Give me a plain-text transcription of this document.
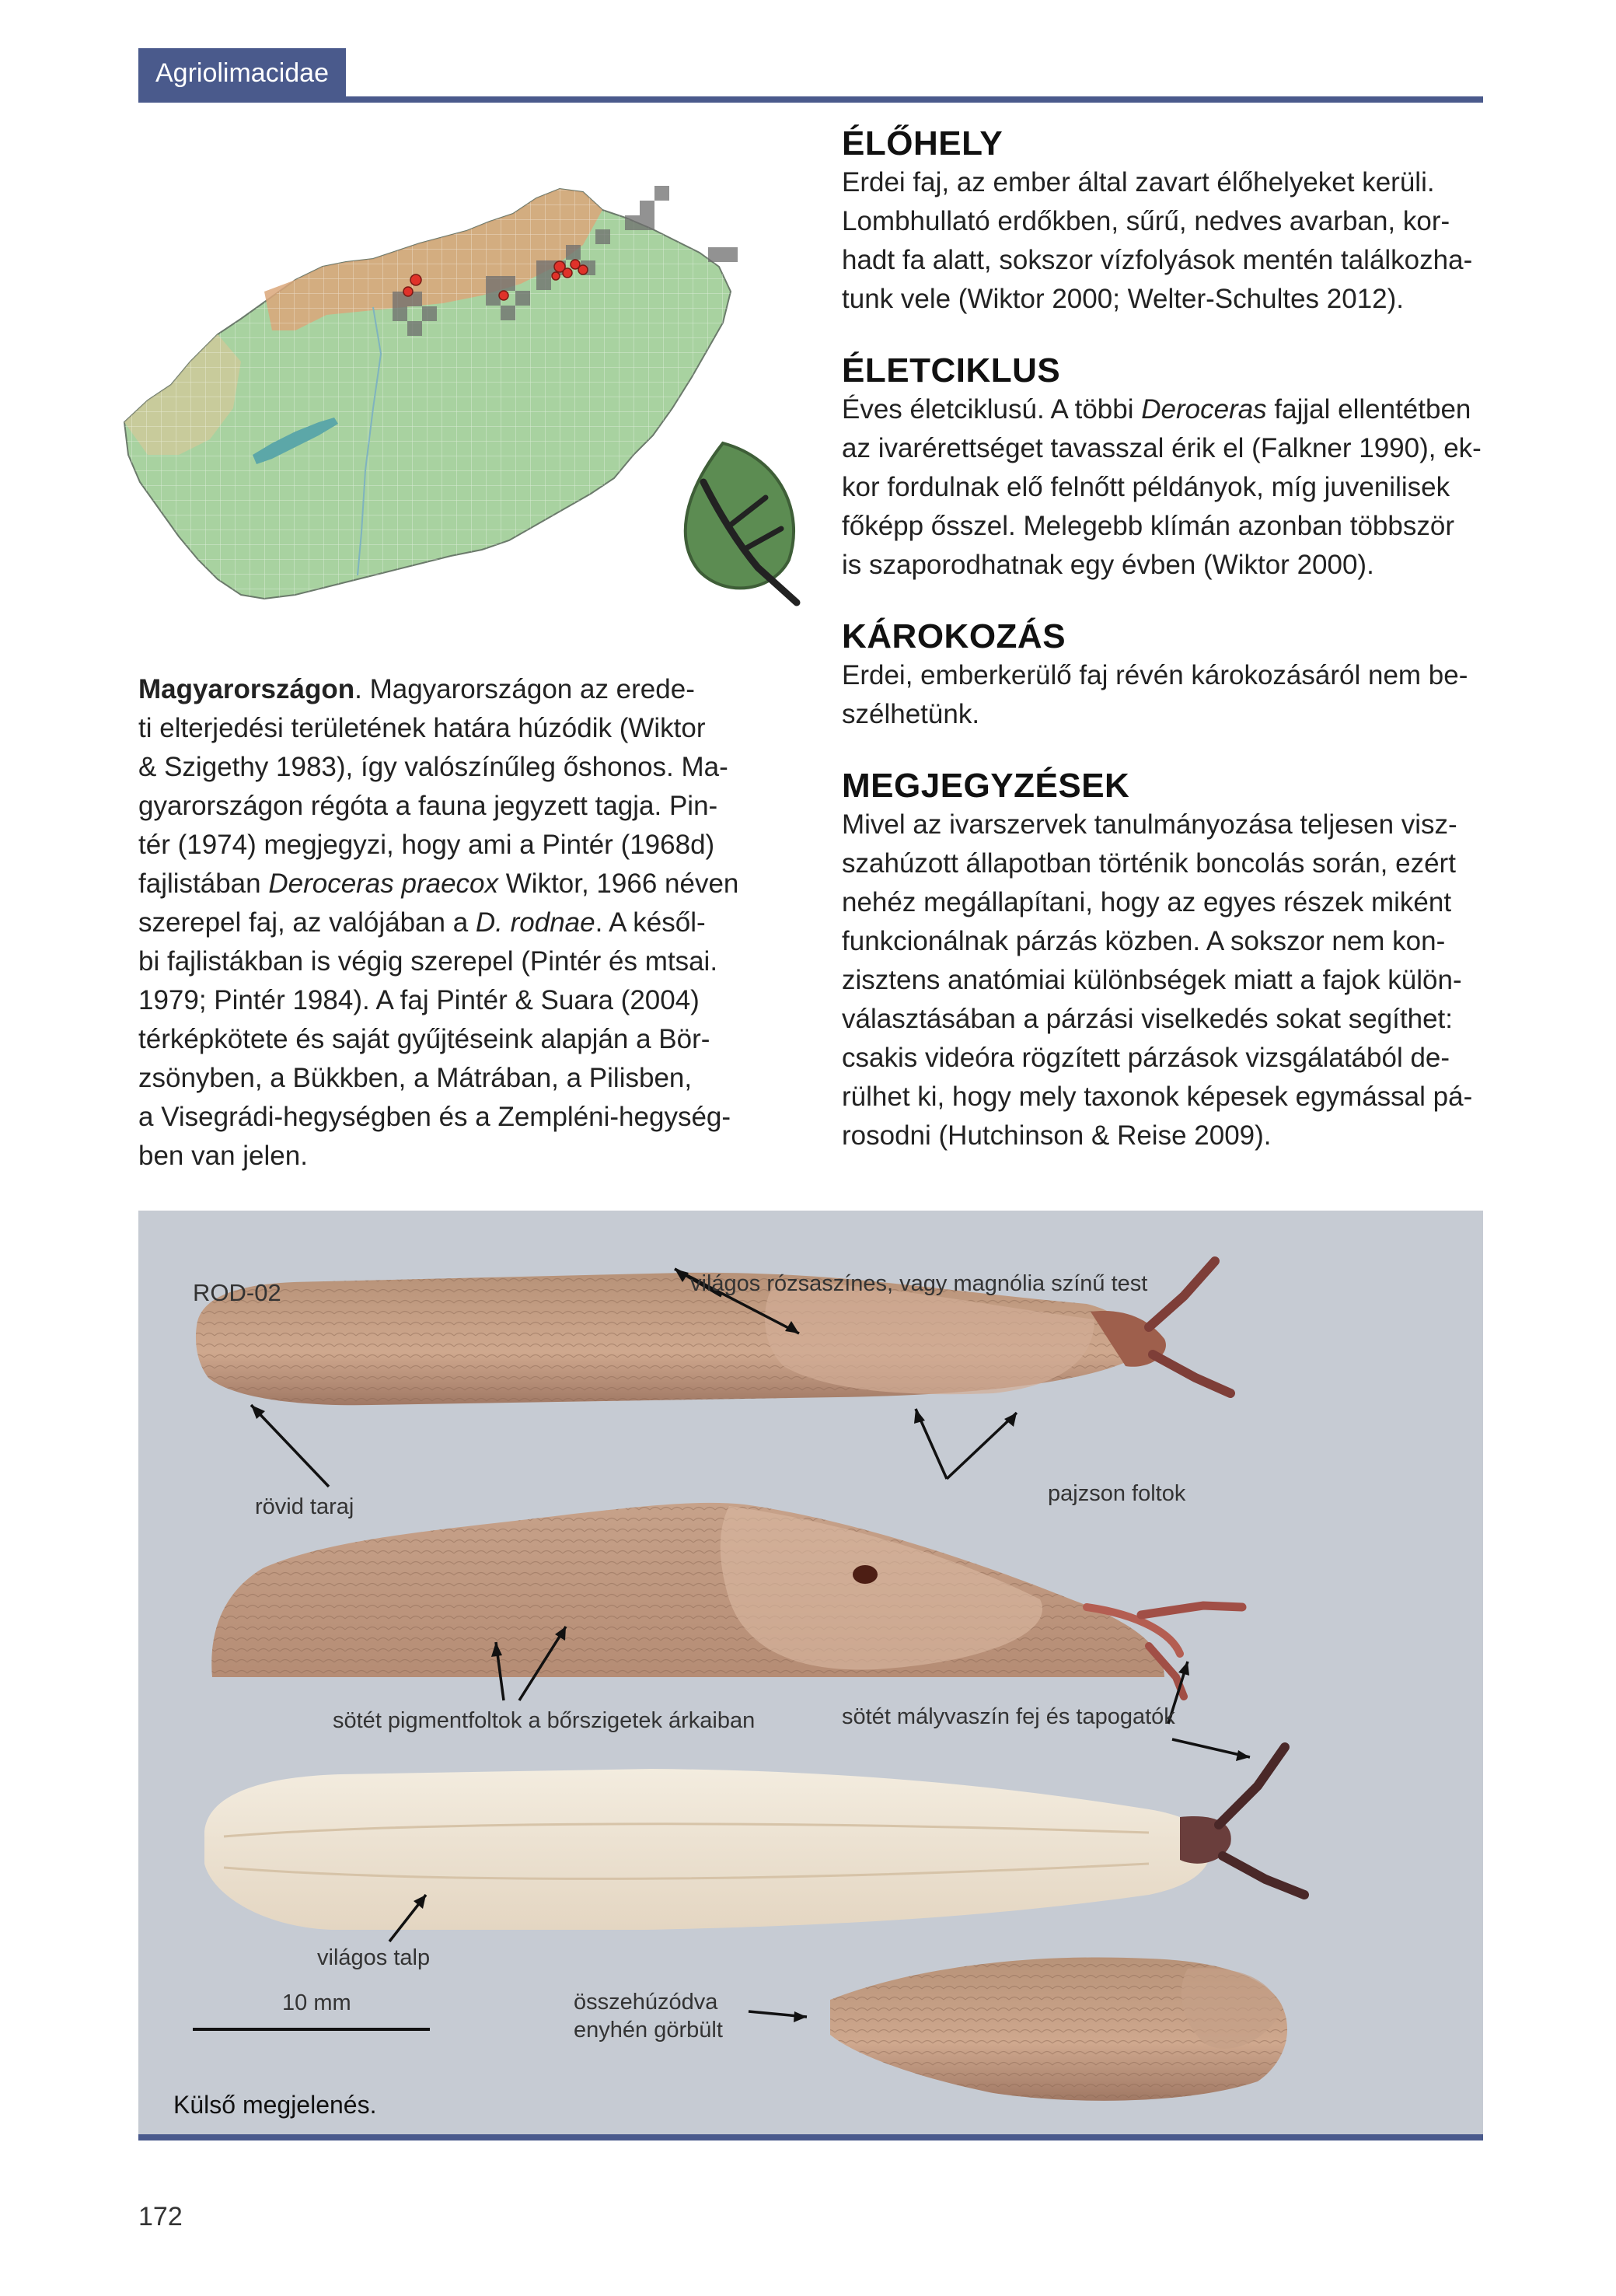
Agriolimacidae
ÉLŐHELY
Erdei faj, az ember által zavart élőhelyeket kerüli.
Lombhullató erdőkben, sűrű, nedves avarban, kor-
hadt fa alatt, sokszor vízfolyások mentén találkozha-
tunk vele (Wiktor 2000; Welter-Schultes 2012).
ÉLETCIKLUS
Éves életciklusú. A többi Deroceras fajjal ellentétben
az ivarérettséget tavasszal érik el (Falkner 1990), ek-
kor fordulnak elő felnőtt példányok, míg juvenilisek
főképp ősszel. Melegebb klímán azonban többször
is szaporodhatnak egy évben (Wiktor 2000).
KÁROKOZÁS
Erdei, emberkerülő faj révén károkozásáról nem be-
szélhetünk.
MEGJEGYZÉSEK
Mivel az ivarszervek tanulmányozása teljesen visz-
szahúzott állapotban történik boncolás során, ezért
nehéz megállapítani, hogy az egyes részek miként
funkcionálnak párzás közben. A sokszor nem kon-
zisztens anatómiai különbségek miatt a fajok külön-
választásában a párzási viselkedés sokat segíthet:
csakis videóra rögzített párzások vizsgálatából de-
rülhet ki, hogy mely taxonok képesek egymással pá-
rosodni (Hutchinson & Reise 2009).
Magyarországon. Magyarországon az erede-
ti elterjedési területének határa húzódik (Wiktor
& Szigethy 1983), így valószínűleg őshonos. Ma-
gyarországon régóta a fauna jegyzett tagja. Pin-
tér (1974) megjegyzi, hogy ami a Pintér (1968d)
fajlistában Deroceras praecox Wiktor, 1966 néven
szerepel faj, az valójában a D. rodnae. A késől-
bi fajlistákban is végig szerepel (Pintér és mtsai.
1979; Pintér 1984). A faj Pintér & Suara (2004)
térképkötete és saját gyűjtéseink alapján a Bör-
zsönyben, a Bükkben, a Mátrában, a Pilisben,
a Visegrádi-hegységben és a Zempléni-hegység-
ben van jelen.
ROD-02	világos rózsaszínes, vagy magnólia színű test
rövid taraj
pajzson foltok
sötét pigmentfoltok a bőrszigetek árkaiban	sötét mályvaszín fej és tapogatók
világos talp
10 mm	összehúzódva
enyhén görbült
Külső megjelenés.
172
